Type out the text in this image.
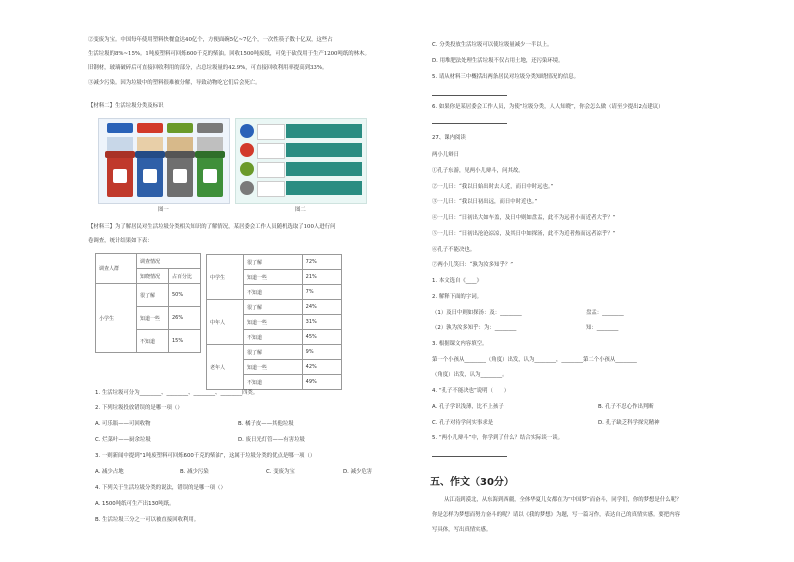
②变废为宝。中国每年使用塑料快餐盒达40亿个，方便面碗5亿~7亿个，一次性筷子数十亿双，这些占
生活垃圾的8%~15%。1吨废塑料可回炼600千克的柴油。回收1500吨废纸，可免于砍伐用于生产1200吨纸的林木。
旧钢材，玻璃破碎后可直接回收利用的部分，占总垃圾量的42.9%，可直接回收利用率提高到33%。
③减少污染。因为垃圾中的塑料很难被分解，导致动物吃它们后会死亡。
【材料二】生活垃圾分类及标识
图一	图二
【材料三】为了解居民对生活垃圾分类相关知识的了解情况，某居委会工作人员随机选取了100人进行问
卷调查，统计结果如下表：
调查人群	调查情况	
	知晓情况	占百分比
小学生	很了解	50%
	知道一些	26%
	不知道	15%
中学生	很了解	72%
	知道一些	21%
	不知道	7%
中年人	很了解	24%
	知道一些	31%
	不知道	45%
老年人	很了解	9%
	知道一些	42%
	不知道	49%
1. 生活垃圾可分为________、________、________、________四类。
2. 下列垃圾投放错误的是哪一项（）
A. 可乐瓶——可回收物	B. 橘子皮——其他垃圾
C. 烂菜叶——厨余垃圾	D. 废日光灯管——有害垃圾
3. 一则新闻中提到“1吨废塑料可回炼600千克的柴油”，这属于垃圾分类的优点是哪一项（）
A. 减少占地	B. 减少污染	C. 变废为宝	D. 减少危害
4. 下列关于生活垃圾分类的说法，错误的是哪一项（）
A. 1500吨纸可生产出130吨纸。
B. 生活垃圾三分之一可以被直接回收利用。
C. 分类投放生活垃圾可以使垃圾量减少一半以上。
D. 用堆肥法处理生活垃圾不仅占用土地，还污染环境。
5. 请从材料三中概括出两条居民对垃圾分类知晓情况的信息。
6. 如果你是某居委会工作人员，为使“垃圾分类，人人知晓”，你会怎么做（请至少提出2点建议）
27、课内阅读
两小儿辩日
①孔子东游，见两小儿辩斗，问其故。
②一儿曰：“我以日始出时去人近，而日中时远也。”
③一儿曰：“我以日初出远，而日中时近也。”
④一儿曰：“日初出大如车盖，及日中则如盘盂，此不为远者小而近者大乎？”
⑤一儿曰：“日初出沧沧凉凉，及其日中如探汤，此不为近者热而远者凉乎？”
⑥孔子不能决也。
⑦两小儿笑曰：“孰为汝多知乎？”
1. 本文选自《____》
2. 解释下面的字词。
（1）及日中则如探汤：及：________	盘盂：________
（2）孰为汝多知乎：为：________	知：________
3. 根据课文内容填空。
第一个小孩从________（角度）出发，认为________，________第二个小孩从________
（角度）出发，认为________。
4. “孔子不能决也”说明（　　）
A. 孔子学识浅薄，比不上孩子	B. 孔子不忍心作出判断
C. 孔子对待学问实事求是	D. 孔子缺乏科学探究精神
5. “两小儿辩斗”中，你学到了什么？结合实际谈一谈。
五、作文（30分）
从江南到漠北，从东海到西疆，全体华夏儿女都在为“中国梦”而奋斗，同学们，你的梦想是什么呢？
你是怎样为梦想而努力奋斗的呢？请以《我的梦想》为题，写一篇习作，表达自己的真情实感。要把内容
写具体，写出真情实感。
